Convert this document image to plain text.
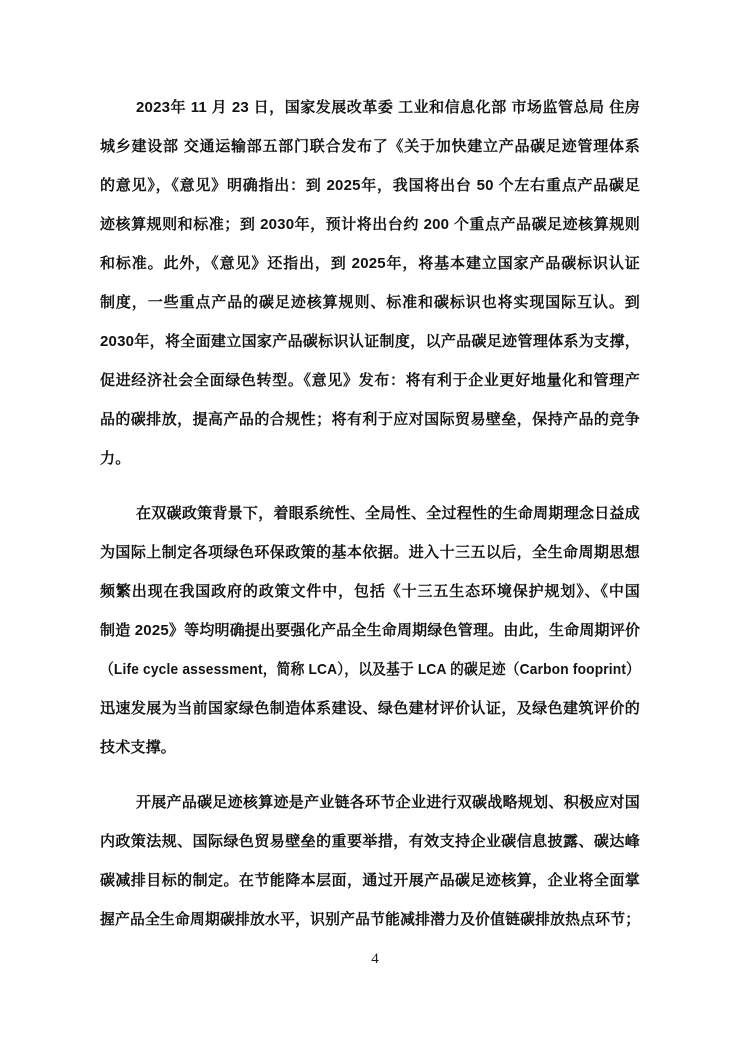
2023年 11 月 23 日，国家发展改革委 工业和信息化部 市场监管总局 住房
城乡建设部 交通运输部五部门联合发布了《关于加快建立产品碳足迹管理体系
的意见》，《意见》明确指出：到 2025年，我国将出台 50 个左右重点产品碳足
迹核算规则和标准；到 2030年，预计将出台约 200 个重点产品碳足迹核算规则
和标准。此外，《意见》还指出，到 2025年，将基本建立国家产品碳标识认证
制度，一些重点产品的碳足迹核算规则、标准和碳标识也将实现国际互认。到
2030年，将全面建立国家产品碳标识认证制度，以产品碳足迹管理体系为支撑，
促进经济社会全面绿色转型。《意见》发布：将有利于企业更好地量化和管理产
品的碳排放，提高产品的合规性；将有利于应对国际贸易壁垒，保持产品的竞争
力。
在双碳政策背景下，着眼系统性、全局性、全过程性的生命周期理念日益成
为国际上制定各项绿色环保政策的基本依据。进入十三五以后，全生命周期思想
频繁出现在我国政府的政策文件中，包括《十三五生态环境保护规划》、《中国
制造 2025》等均明确提出要强化产品全生命周期绿色管理。由此，生命周期评价
（Life cycle assessment，简称 LCA），以及基于 LCA 的碳足迹（Carbon fooprint）
迅速发展为当前国家绿色制造体系建设、绿色建材评价认证，及绿色建筑评价的
技术支撑。
开展产品碳足迹核算迹是产业链各环节企业进行双碳战略规划、积极应对国
内政策法规、国际绿色贸易壁垒的重要举措，有效支持企业碳信息披露、碳达峰
碳减排目标的制定。在节能降本层面，通过开展产品碳足迹核算，企业将全面掌
握产品全生命周期碳排放水平，识别产品节能减排潜力及价值链碳排放热点环节；
4
